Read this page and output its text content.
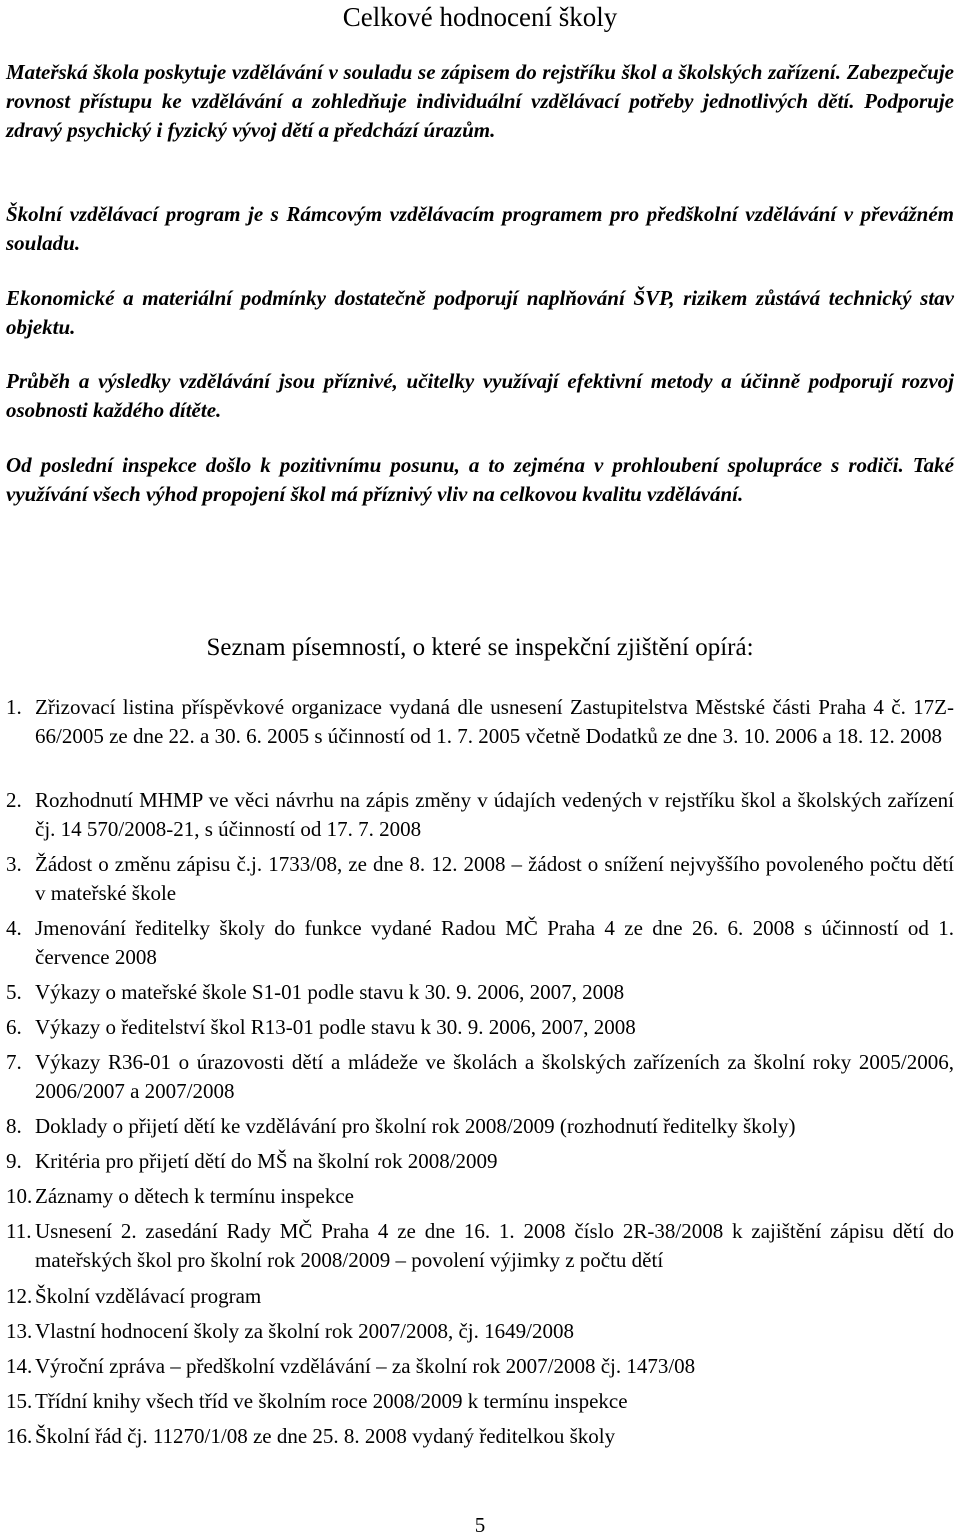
Celkové hodnocení školy

Mateřská škola poskytuje vzdělávání v souladu se zápisem do rejstříku škol a školských zařízení. Zabezpečuje rovnost přístupu ke vzdělávání a zohledňuje individuální vzdělávací potřeby jednotlivých dětí. Podporuje zdravý psychický i fyzický vývoj dětí a předchází úrazům.

Školní vzdělávací program je s Rámcovým vzdělávacím programem pro předškolní vzdělávání v převážném souladu.

Ekonomické a materiální podmínky dostatečně podporují naplňování ŠVP, rizikem zůstává technický stav objektu.

Průběh a výsledky vzdělávání jsou příznivé, učitelky využívají efektivní metody a účinně podporují rozvoj osobnosti každého dítěte.

Od poslední inspekce došlo k pozitivnímu posunu, a to zejména v prohloubení spolupráce s rodiči. Také využívání všech výhod propojení škol má příznivý vliv na celkovou kvalitu vzdělávání.

Seznam písemností, o které se inspekční zjištění opírá:
1. Zřizovací listina příspěvkové organizace vydaná dle usnesení Zastupitelstva Městské části Praha 4 č. 17Z-66/2005 ze dne 22. a 30. 6. 2005 s účinností od 1. 7. 2005 včetně Dodatků ze dne 3. 10. 2006 a 18. 12. 2008
2. Rozhodnutí MHMP ve věci návrhu na zápis změny v údajích vedených v rejstříku škol a školských zařízení čj. 14 570/2008-21, s účinností od 17. 7. 2008
3. Žádost o změnu zápisu č.j. 1733/08, ze dne 8. 12. 2008 – žádost o snížení nejvyššího povoleného počtu dětí v mateřské škole
4. Jmenování ředitelky školy do funkce vydané Radou MČ Praha 4 ze dne 26. 6. 2008 s účinností od 1. července 2008
5. Výkazy o mateřské škole S1-01 podle stavu k 30. 9. 2006, 2007, 2008
6. Výkazy o ředitelství škol R13-01 podle stavu k 30. 9. 2006, 2007, 2008
7. Výkazy R36-01 o úrazovosti dětí a mládeže ve školách a školských zařízeních za školní roky 2005/2006, 2006/2007 a 2007/2008
8. Doklady o přijetí dětí ke vzdělávání pro školní rok 2008/2009 (rozhodnutí ředitelky školy)
9. Kritéria pro přijetí dětí do MŠ na školní rok 2008/2009
10. Záznamy o dětech k termínu inspekce
11. Usnesení 2. zasedání Rady MČ Praha 4 ze dne 16. 1. 2008 číslo 2R-38/2008 k zajištění zápisu dětí do mateřských škol pro školní rok 2008/2009 – povolení výjimky z počtu dětí
12. Školní vzdělávací program
13. Vlastní hodnocení školy za školní rok 2007/2008, čj. 1649/2008
14. Výroční zpráva – předškolní vzdělávání – za školní rok 2007/2008 čj. 1473/08
15. Třídní knihy všech tříd ve školním roce 2008/2009 k termínu inspekce
16. Školní řád čj. 11270/1/08 ze dne 25. 8. 2008 vydaný ředitelkou školy
5
